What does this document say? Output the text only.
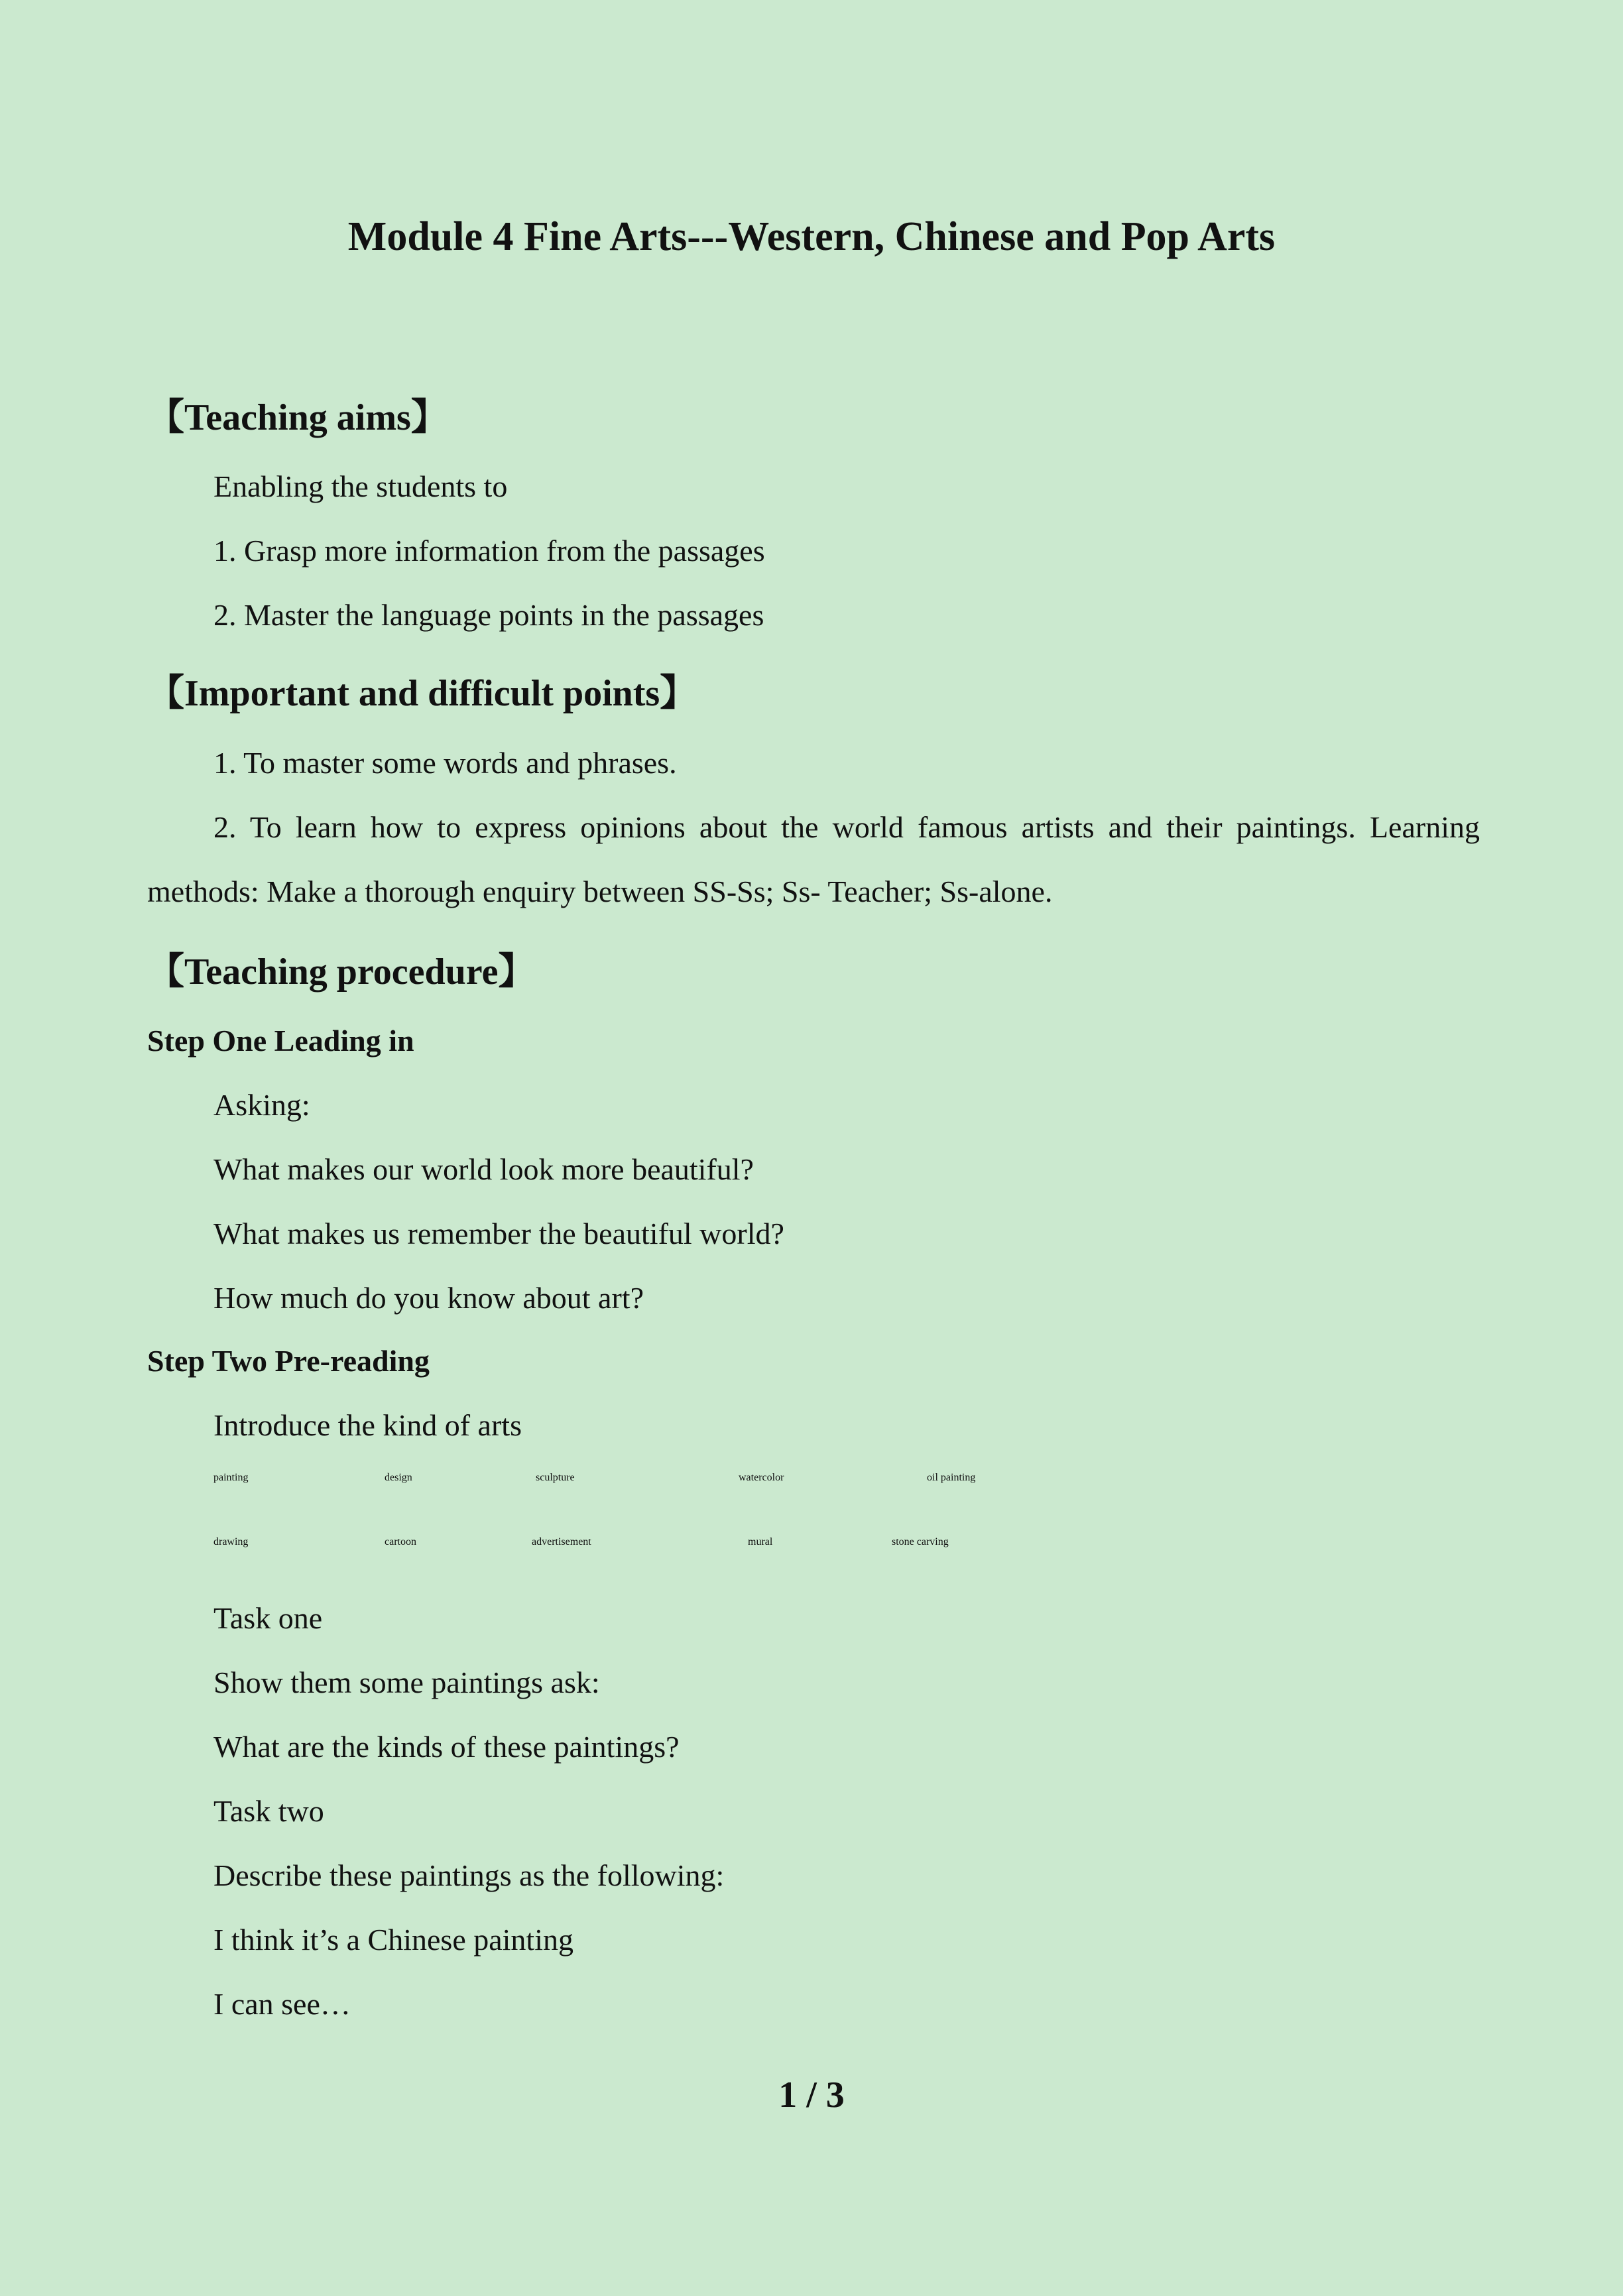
Module 4 Fine Arts---Western, Chinese and Pop Arts
【Teaching aims】
Enabling the students to
1. Grasp more information from the passages
2. Master the language points in the passages
【Important and difficult points】
1. To master some words and phrases.
2. To learn how to express opinions about the world famous artists and their paintings. Learning
methods: Make a thorough enquiry between SS-Ss; Ss- Teacher; Ss-alone.
【Teaching procedure】
Step One Leading in
Asking:
What makes our world look more beautiful?
What makes us remember the beautiful world?
How much do you know about art?
Step Two Pre-reading
Introduce the kind of arts
painting	design	sculpture	watercolor	oil painting
drawing	cartoon	advertisement	mural	stone carving
Task one
Show them some paintings ask:
What are the kinds of these paintings?
Task two
Describe these paintings as the following:
I think it’s a Chinese painting
I can see…
1 / 3
